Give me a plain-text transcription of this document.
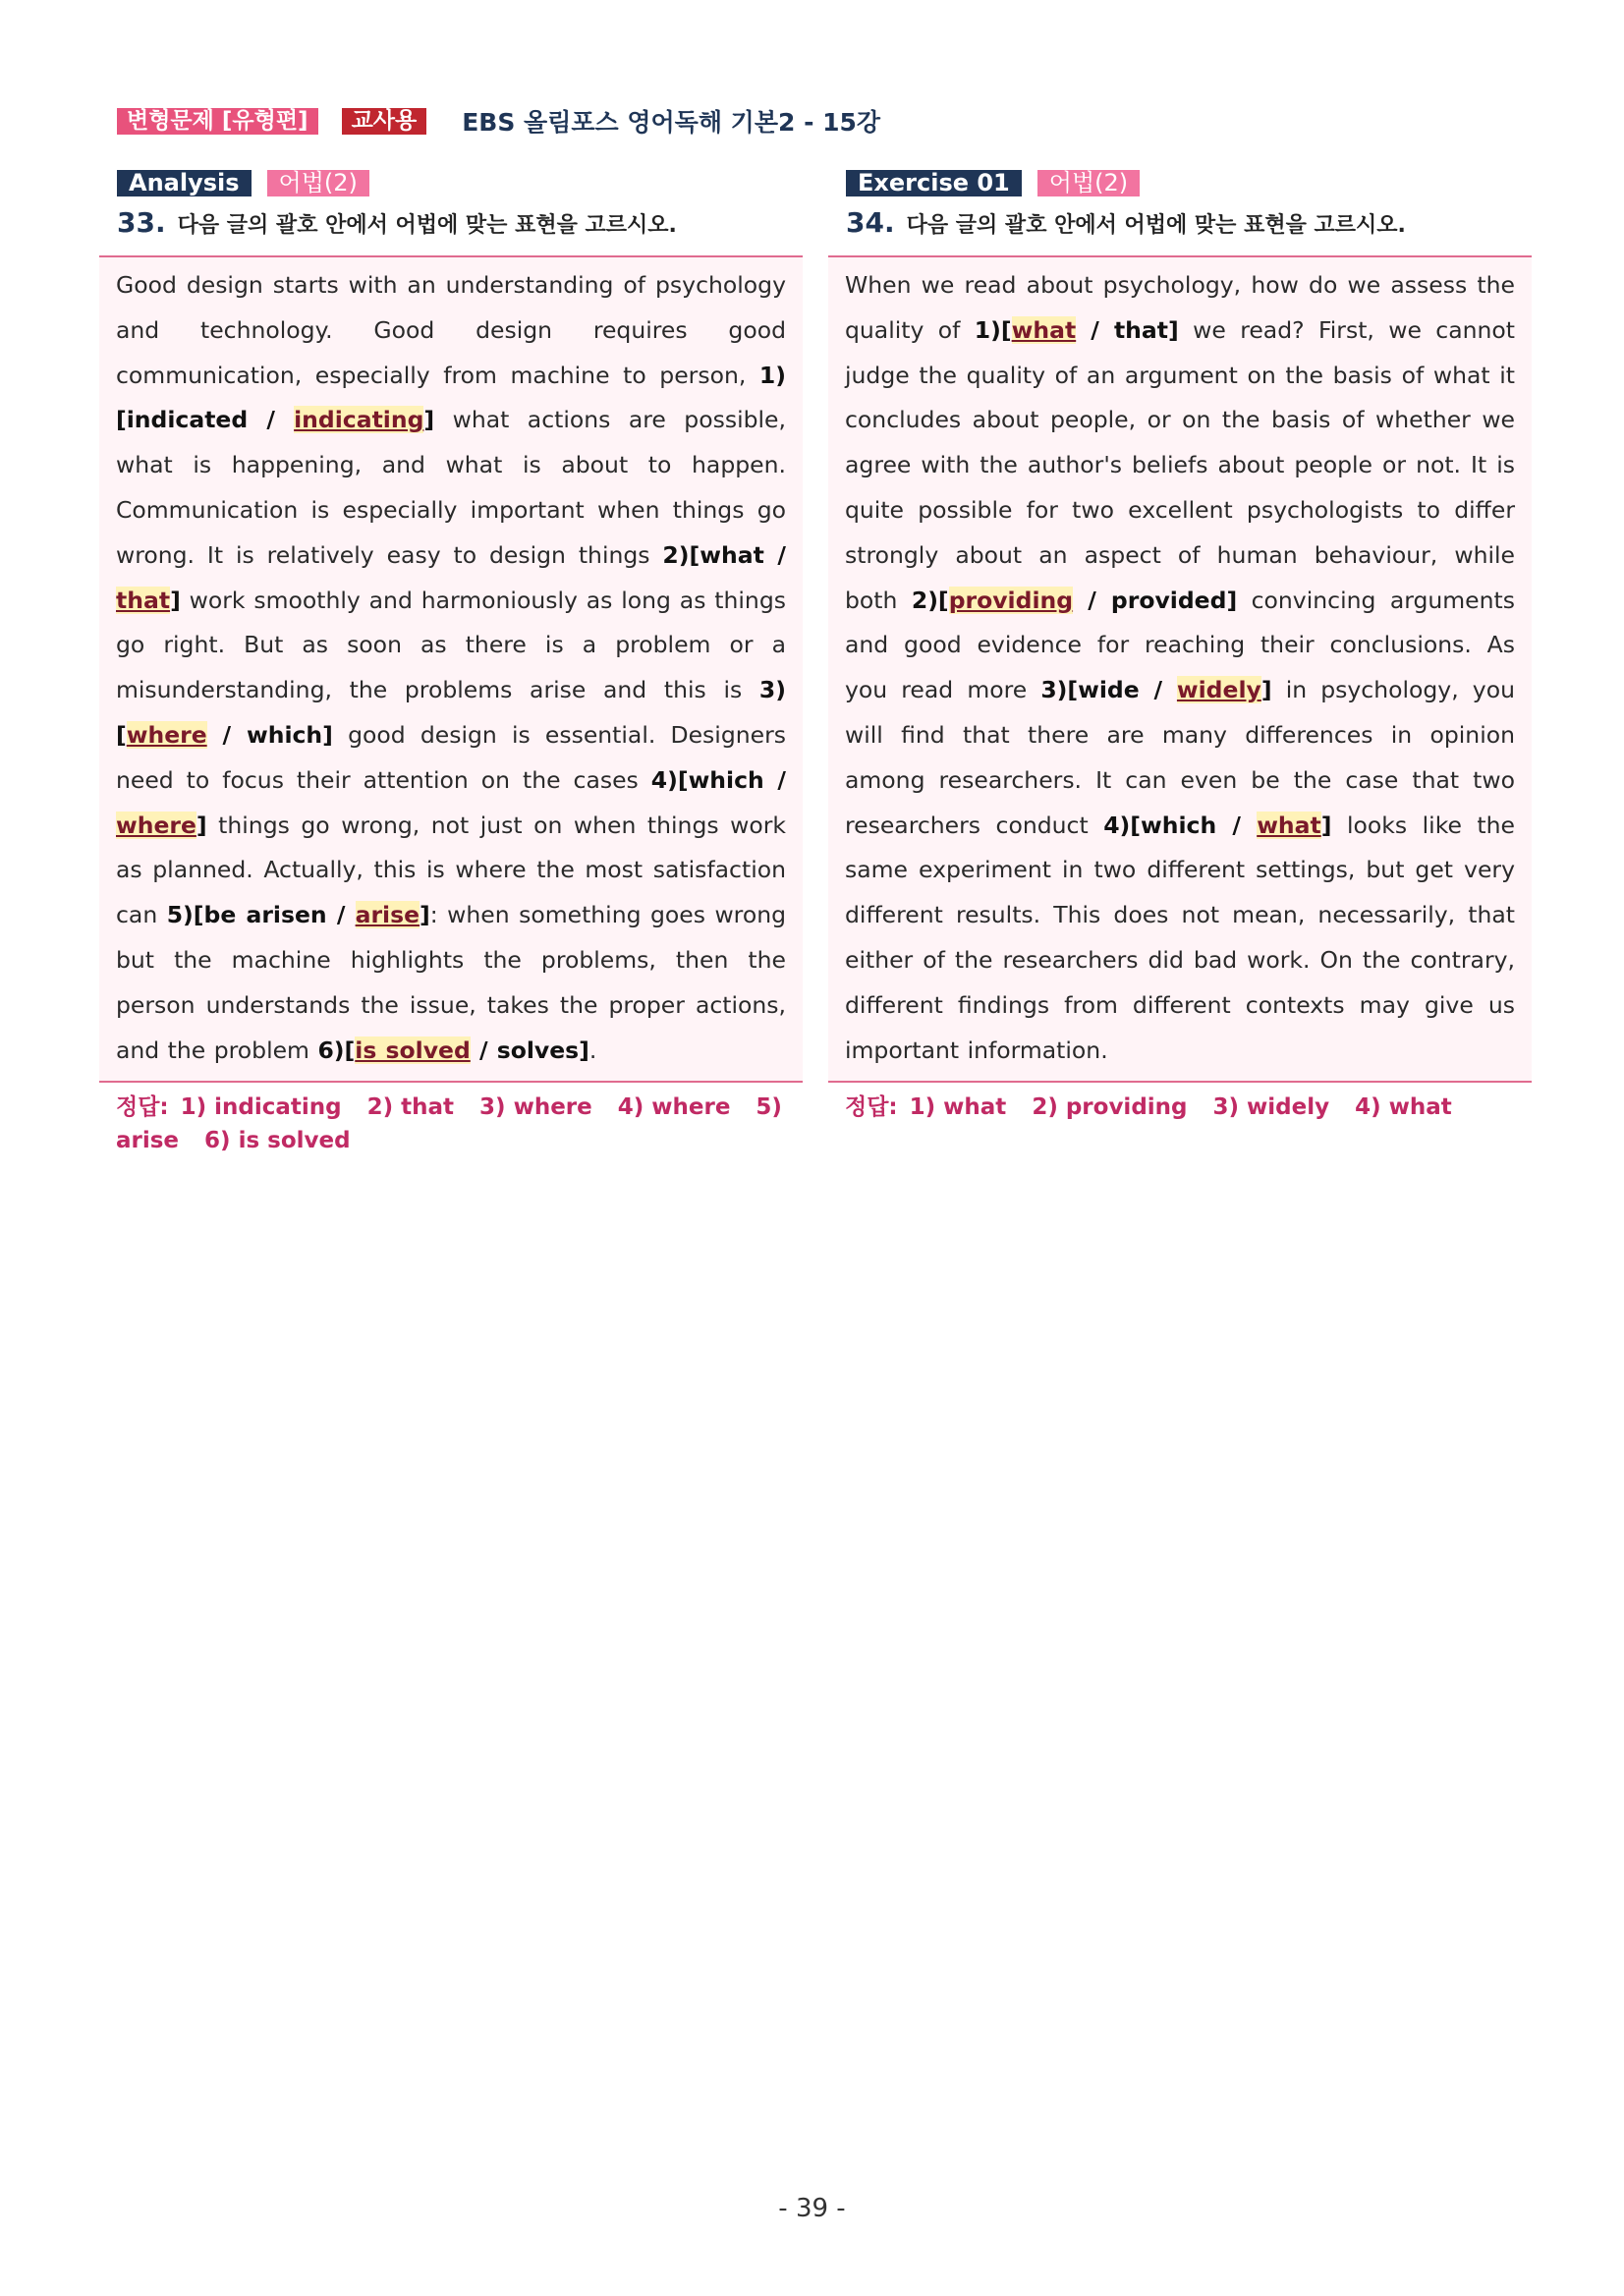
변형문제 [유형편]	교사용	EBS 올림포스 영어독해 기본2 - 15강
Analysis	어법(2)
33. 다음 글의 괄호 안에서 어법에 맞는 표현을 고르시오.

Good design starts with an understanding of psychology and technology. Good design requires good communication, especially from machine to person, 1)[indicated / indicating] what actions are possible, what is happening, and what is about to happen. Communication is especially important when things go wrong. It is relatively easy to design things 2)[what / that] work smoothly and harmoniously as long as things go right. But as soon as there is a problem or a misunderstanding, the problems arise and this is 3)[where / which] good design is essential. Designers need to focus their attention on the cases 4)[which / where] things go wrong, not just on when things work as planned. Actually, this is where the most satisfaction can 5)[be arisen / arise]: when something goes wrong but the machine highlights the problems, then the person understands the issue, takes the proper actions, and the problem 6)[is solved / solves].

정답: 1) indicating 2) that 3) where 4) where 5) arise 6) is solved
Exercise 01	어법(2)
34. 다음 글의 괄호 안에서 어법에 맞는 표현을 고르시오.

When we read about psychology, how do we assess the quality of 1)[what / that] we read? First, we cannot judge the quality of an argument on the basis of what it concludes about people, or on the basis of whether we agree with the author's beliefs about people or not. It is quite possible for two excellent psychologists to differ strongly about an aspect of human behaviour, while both 2)[providing / provided] convincing arguments and good evidence for reaching their conclusions. As you read more 3)[wide / widely] in psychology, you will find that there are many differences in opinion among researchers. It can even be the case that two researchers conduct 4)[which / what] looks like the same experiment in two different settings, but get very different results. This does not mean, necessarily, that either of the researchers did bad work. On the contrary, different findings from different contexts may give us important information.

정답: 1) what 2) providing 3) widely 4) what
- 39 -
